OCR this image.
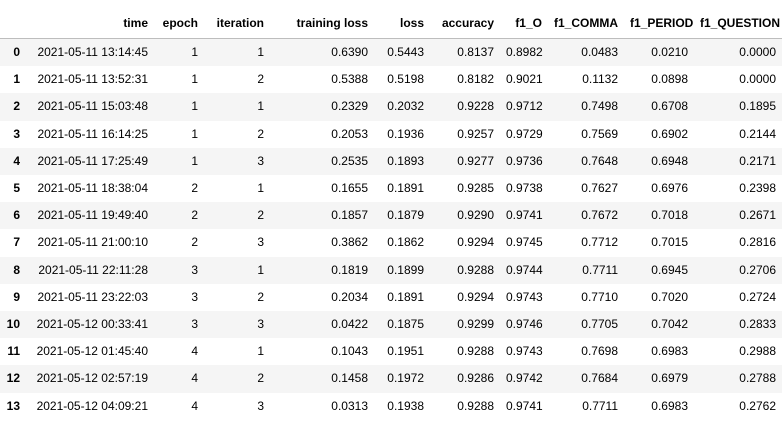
	time	epoch	iteration	training loss	loss	accuracy	f1_O	f1_COMMA	f1_PERIOD	f1_QUESTION
0	2021-05-11 13:14:45	1	1	0.6390	0.5443	0.8137	0.8982	0.0483	0.0210	0.0000
1	2021-05-11 13:52:31	1	2	0.5388	0.5198	0.8182	0.9021	0.1132	0.0898	0.0000
2	2021-05-11 15:03:48	1	1	0.2329	0.2032	0.9228	0.9712	0.7498	0.6708	0.1895
3	2021-05-11 16:14:25	1	2	0.2053	0.1936	0.9257	0.9729	0.7569	0.6902	0.2144
4	2021-05-11 17:25:49	1	3	0.2535	0.1893	0.9277	0.9736	0.7648	0.6948	0.2171
5	2021-05-11 18:38:04	2	1	0.1655	0.1891	0.9285	0.9738	0.7627	0.6976	0.2398
6	2021-05-11 19:49:40	2	2	0.1857	0.1879	0.9290	0.9741	0.7672	0.7018	0.2671
7	2021-05-11 21:00:10	2	3	0.3862	0.1862	0.9294	0.9745	0.7712	0.7015	0.2816
8	2021-05-11 22:11:28	3	1	0.1819	0.1899	0.9288	0.9744	0.7711	0.6945	0.2706
9	2021-05-11 23:22:03	3	2	0.2034	0.1891	0.9294	0.9743	0.7710	0.7020	0.2724
10	2021-05-12 00:33:41	3	3	0.0422	0.1875	0.9299	0.9746	0.7705	0.7042	0.2833
11	2021-05-12 01:45:40	4	1	0.1043	0.1951	0.9288	0.9743	0.7698	0.6983	0.2988
12	2021-05-12 02:57:19	4	2	0.1458	0.1972	0.9286	0.9742	0.7684	0.6979	0.2788
13	2021-05-12 04:09:21	4	3	0.0313	0.1938	0.9288	0.9741	0.7711	0.6983	0.2762
